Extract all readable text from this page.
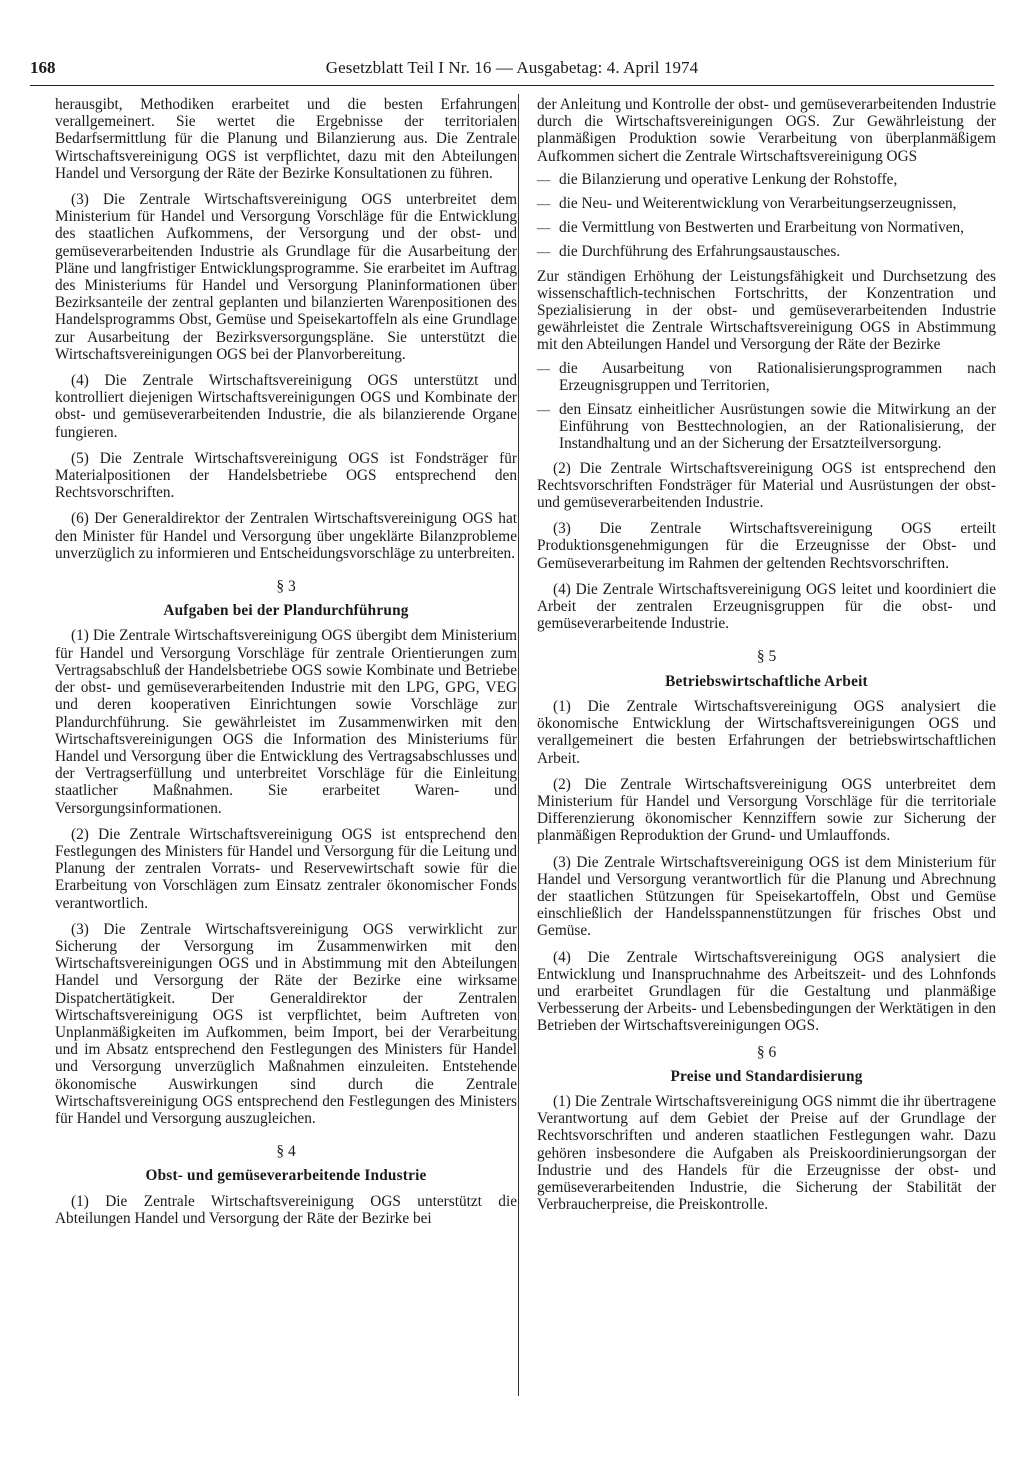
168	Gesetzblatt Teil I Nr. 16 — Ausgabetag: 4. April 1974

herausgibt, Methodiken erarbeitet und die besten Erfahrungen verallgemeinert. Sie wertet die Ergebnisse der territorialen Bedarfsermittlung für die Planung und Bilanzierung aus. Die Zentrale Wirtschaftsvereinigung OGS ist verpflichtet, dazu mit den Abteilungen Handel und Versorgung der Räte der Bezirke Konsultationen zu führen.

(3) Die Zentrale Wirtschaftsvereinigung OGS unterbreitet dem Ministerium für Handel und Versorgung Vorschläge für die Entwicklung des staatlichen Aufkommens, der Versorgung und der obst- und gemüseverarbeitenden Industrie als Grundlage für die Ausarbeitung der Pläne und langfristiger Entwicklungsprogramme. Sie erarbeitet im Auftrag des Ministeriums für Handel und Versorgung Planinformationen über Bezirksanteile der zentral geplanten und bilanzierten Warenpositionen des Handelsprogramms Obst, Gemüse und Speisekartoffeln als eine Grundlage zur Ausarbeitung der Bezirksversorgungspläne. Sie unterstützt die Wirtschaftsvereinigungen OGS bei der Planvorbereitung.

(4) Die Zentrale Wirtschaftsvereinigung OGS unterstützt und kontrolliert diejenigen Wirtschaftsvereinigungen OGS und Kombinate der obst- und gemüseverarbeitenden Industrie, die als bilanzierende Organe fungieren.

(5) Die Zentrale Wirtschaftsvereinigung OGS ist Fondsträger für Materialpositionen der Handelsbetriebe OGS entsprechend den Rechtsvorschriften.

(6) Der Generaldirektor der Zentralen Wirtschaftsvereinigung OGS hat den Minister für Handel und Versorgung über ungeklärte Bilanzprobleme unverzüglich zu informieren und Entscheidungsvorschläge zu unterbreiten.

§ 3
Aufgaben bei der Plandurchführung

(1) Die Zentrale Wirtschaftsvereinigung OGS übergibt dem Ministerium für Handel und Versorgung Vorschläge für zentrale Orientierungen zum Vertragsabschluß der Handelsbetriebe OGS sowie Kombinate und Betriebe der obst- und gemüseverarbeitenden Industrie mit den LPG, GPG, VEG und deren kooperativen Einrichtungen sowie Vorschläge zur Plandurchführung. Sie gewährleistet im Zusammenwirken mit den Wirtschaftsvereinigungen OGS die Information des Ministeriums für Handel und Versorgung über die Entwicklung des Vertragsabschlusses und der Vertragserfüllung und unterbreitet Vorschläge für die Einleitung staatlicher Maßnahmen. Sie erarbeitet Waren- und Versorgungsinformationen.

(2) Die Zentrale Wirtschaftsvereinigung OGS ist entsprechend den Festlegungen des Ministers für Handel und Versorgung für die Leitung und Planung der zentralen Vorrats- und Reservewirtschaft sowie für die Erarbeitung von Vorschlägen zum Einsatz zentraler ökonomischer Fonds verantwortlich.

(3) Die Zentrale Wirtschaftsvereinigung OGS verwirklicht zur Sicherung der Versorgung im Zusammenwirken mit den Wirtschaftsvereinigungen OGS und in Abstimmung mit den Abteilungen Handel und Versorgung der Räte der Bezirke eine wirksame Dispatchertätigkeit. Der Generaldirektor der Zentralen Wirtschaftsvereinigung OGS ist verpflichtet, beim Auftreten von Unplanmäßigkeiten im Aufkommen, beim Import, bei der Verarbeitung und im Absatz entsprechend den Festlegungen des Ministers für Handel und Versorgung unverzüglich Maßnahmen einzuleiten. Entstehende ökonomische Auswirkungen sind durch die Zentrale Wirtschaftsvereinigung OGS entsprechend den Festlegungen des Ministers für Handel und Versorgung auszugleichen.

§ 4
Obst- und gemüseverarbeitende Industrie

(1) Die Zentrale Wirtschaftsvereinigung OGS unterstützt die Abteilungen Handel und Versorgung der Räte der Bezirke bei

der Anleitung und Kontrolle der obst- und gemüseverarbeitenden Industrie durch die Wirtschaftsvereinigungen OGS. Zur Gewährleistung der planmäßigen Produktion sowie Verarbeitung von überplanmäßigem Aufkommen sichert die Zentrale Wirtschaftsvereinigung OGS

— die Bilanzierung und operative Lenkung der Rohstoffe,
— die Neu- und Weiterentwicklung von Verarbeitungserzeugnissen,
— die Vermittlung von Bestwerten und Erarbeitung von Normativen,
— die Durchführung des Erfahrungsaustausches.

Zur ständigen Erhöhung der Leistungsfähigkeit und Durchsetzung des wissenschaftlich-technischen Fortschritts, der Konzentration und Spezialisierung in der obst- und gemüseverarbeitenden Industrie gewährleistet die Zentrale Wirtschaftsvereinigung OGS in Abstimmung mit den Abteilungen Handel und Versorgung der Räte der Bezirke

— die Ausarbeitung von Rationalisierungsprogrammen nach Erzeugnisgruppen und Territorien,
— den Einsatz einheitlicher Ausrüstungen sowie die Mitwirkung an der Einführung von Besttechnologien, an der Rationalisierung, der Instandhaltung und an der Sicherung der Ersatzteilversorgung.

(2) Die Zentrale Wirtschaftsvereinigung OGS ist entsprechend den Rechtsvorschriften Fondsträger für Material und Ausrüstungen der obst- und gemüseverarbeitenden Industrie.

(3) Die Zentrale Wirtschaftsvereinigung OGS erteilt Produktionsgenehmigungen für die Erzeugnisse der Obst- und Gemüseverarbeitung im Rahmen der geltenden Rechtsvorschriften.

(4) Die Zentrale Wirtschaftsvereinigung OGS leitet und koordiniert die Arbeit der zentralen Erzeugnisgruppen für die obst- und gemüseverarbeitende Industrie.

§ 5
Betriebswirtschaftliche Arbeit

(1) Die Zentrale Wirtschaftsvereinigung OGS analysiert die ökonomische Entwicklung der Wirtschaftsvereinigungen OGS und verallgemeinert die besten Erfahrungen der betriebswirtschaftlichen Arbeit.

(2) Die Zentrale Wirtschaftsvereinigung OGS unterbreitet dem Ministerium für Handel und Versorgung Vorschläge für die territoriale Differenzierung ökonomischer Kennziffern sowie zur Sicherung der planmäßigen Reproduktion der Grund- und Umlauffonds.

(3) Die Zentrale Wirtschaftsvereinigung OGS ist dem Ministerium für Handel und Versorgung verantwortlich für die Planung und Abrechnung der staatlichen Stützungen für Speisekartoffeln, Obst und Gemüse einschließlich der Handelsspannenstützungen für frisches Obst und Gemüse.

(4) Die Zentrale Wirtschaftsvereinigung OGS analysiert die Entwicklung und Inanspruchnahme des Arbeitszeit- und des Lohnfonds und erarbeitet Grundlagen für die Gestaltung und planmäßige Verbesserung der Arbeits- und Lebensbedingungen der Werktätigen in den Betrieben der Wirtschaftsvereinigungen OGS.

§ 6
Preise und Standardisierung

(1) Die Zentrale Wirtschaftsvereinigung OGS nimmt die ihr übertragene Verantwortung auf dem Gebiet der Preise auf der Grundlage der Rechtsvorschriften und anderen staatlichen Festlegungen wahr. Dazu gehören insbesondere die Aufgaben als Preiskoordinierungsorgan der Industrie und des Handels für die Erzeugnisse der obst- und gemüseverarbeitenden Industrie, die Sicherung der Stabilität der Verbraucherpreise, die Preiskontrolle.
